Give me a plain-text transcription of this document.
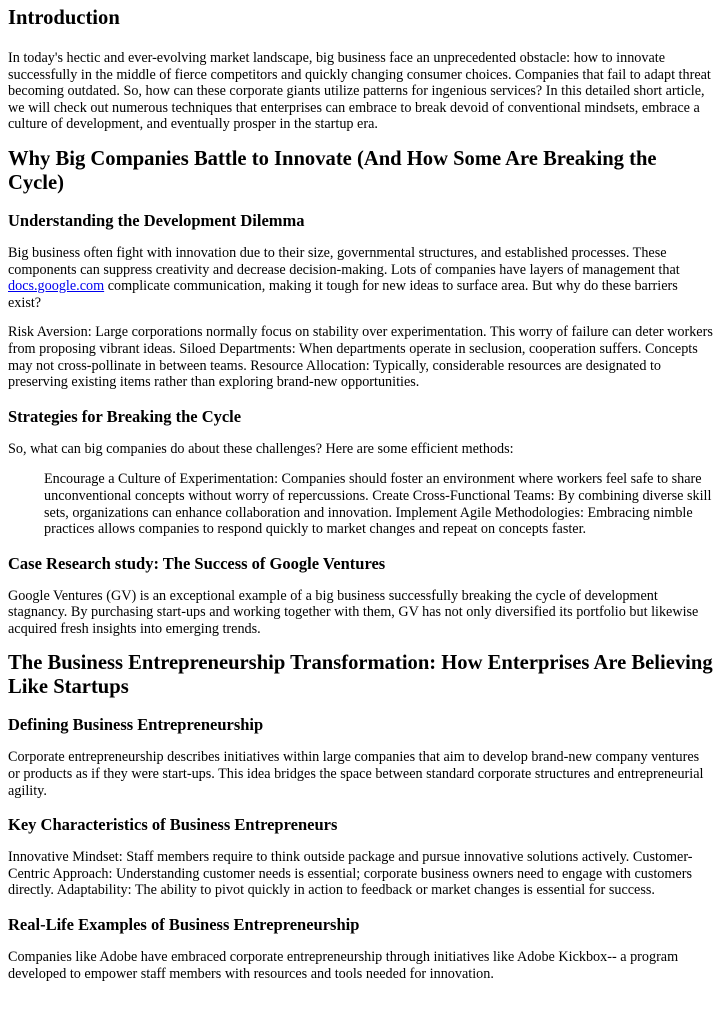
Introduction

In today's hectic and ever-evolving market landscape, big business face an unprecedented obstacle: how to innovate successfully in the middle of fierce competitors and quickly changing consumer choices. Companies that fail to adapt threat becoming outdated. So, how can these corporate giants utilize patterns for ingenious services? In this detailed short article, we will check out numerous techniques that enterprises can embrace to break devoid of conventional mindsets, embrace a culture of development, and eventually prosper in the startup era.

Why Big Companies Battle to Innovate (And How Some Are Breaking the Cycle)
Understanding the Development Dilemma

Big business often fight with innovation due to their size, governmental structures, and established processes. These components can suppress creativity and decrease decision-making. Lots of companies have layers of management that docs.google.com complicate communication, making it tough for new ideas to surface area. But why do these barriers exist?

Risk Aversion: Large corporations normally focus on stability over experimentation. This worry of failure can deter workers from proposing vibrant ideas. Siloed Departments: When departments operate in seclusion, cooperation suffers. Concepts may not cross-pollinate in between teams. Resource Allocation: Typically, considerable resources are designated to preserving existing items rather than exploring brand-new opportunities.

Strategies for Breaking the Cycle

So, what can big companies do about these challenges? Here are some efficient methods:

Encourage a Culture of Experimentation: Companies should foster an environment where workers feel safe to share unconventional concepts without worry of repercussions. Create Cross-Functional Teams: By combining diverse skill sets, organizations can enhance collaboration and innovation. Implement Agile Methodologies: Embracing nimble practices allows companies to respond quickly to market changes and repeat on concepts faster.
Case Research study: The Success of Google Ventures

Google Ventures (GV) is an exceptional example of a big business successfully breaking the cycle of development stagnancy. By purchasing start-ups and working together with them, GV has not only diversified its portfolio but likewise acquired fresh insights into emerging trends.

The Business Entrepreneurship Transformation: How Enterprises Are Believing Like Startups
Defining Business Entrepreneurship

Corporate entrepreneurship describes initiatives within large companies that aim to develop brand-new company ventures or products as if they were start-ups. This idea bridges the space between standard corporate structures and entrepreneurial agility.

Key Characteristics of Business Entrepreneurs

Innovative Mindset: Staff members require to think outside package and pursue innovative solutions actively. Customer-Centric Approach: Understanding customer needs is essential; corporate business owners need to engage with customers directly. Adaptability: The ability to pivot quickly in action to feedback or market changes is essential for success.

Real-Life Examples of Business Entrepreneurship

Companies like Adobe have embraced corporate entrepreneurship through initiatives like Adobe Kickbox-- a program developed to empower staff members with resources and tools needed for innovation.
